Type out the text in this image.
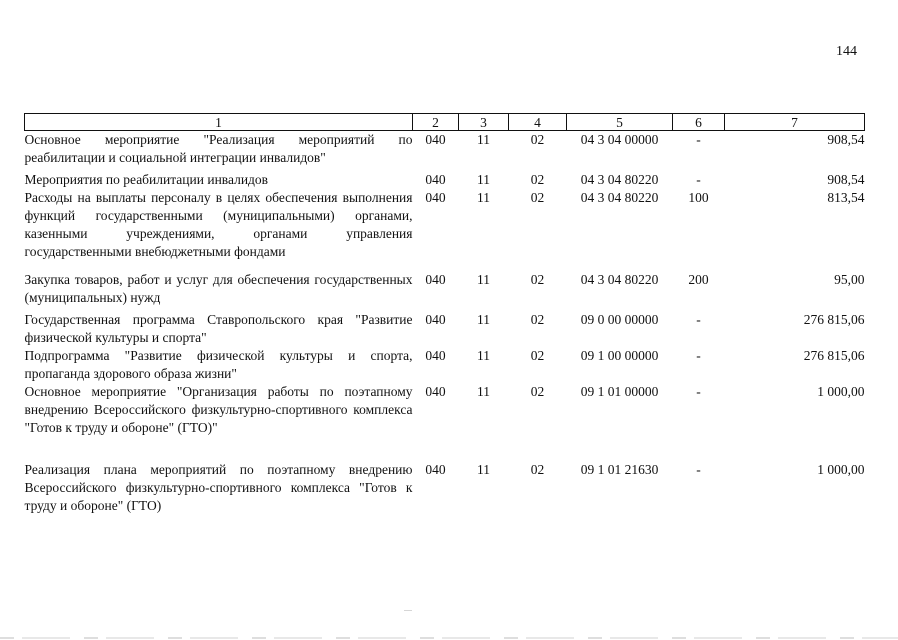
144
1	2	3	4	5	6	7
Основное мероприятие "Реализация мероприятий по реабилитации и социальной интеграции инвалидов"	040	11	02	04 3 04 00000	-	908,54

Мероприятия по реабилитации инвалидов	040	11	02	04 3 04 80220	-	908,54
Расходы на выплаты персоналу в целях обеспечения выполнения функций государственными (муниципальными) органами, казенными учреждениями, органами управления государственными внебюджетными фондами	040	11	02	04 3 04 80220	100	813,54

Закупка товаров, работ и услуг для обеспечения государственных (муниципальных) нужд	040	11	02	04 3 04 80220	200	95,00

Государственная программа Ставропольского края "Развитие физической культуры и спорта"	040	11	02	09 0 00 00000	-	276 815,06
Подпрограмма "Развитие физической культуры и спорта, пропаганда здорового образа жизни"	040	11	02	09 1 00 00000	-	276 815,06
Основное мероприятие "Организация работы по поэтапному внедрению Всероссийского физкультурно-спортивного комплекса "Готов к труду и обороне" (ГТО)"	040	11	02	09 1 01 00000	-	1 000,00

Реализация плана мероприятий по поэтапному внедрению Всероссийского физкультурно-спортивного комплекса "Готов к труду и обороне" (ГТО)	040	11	02	09 1 01 21630	-	1 000,00
